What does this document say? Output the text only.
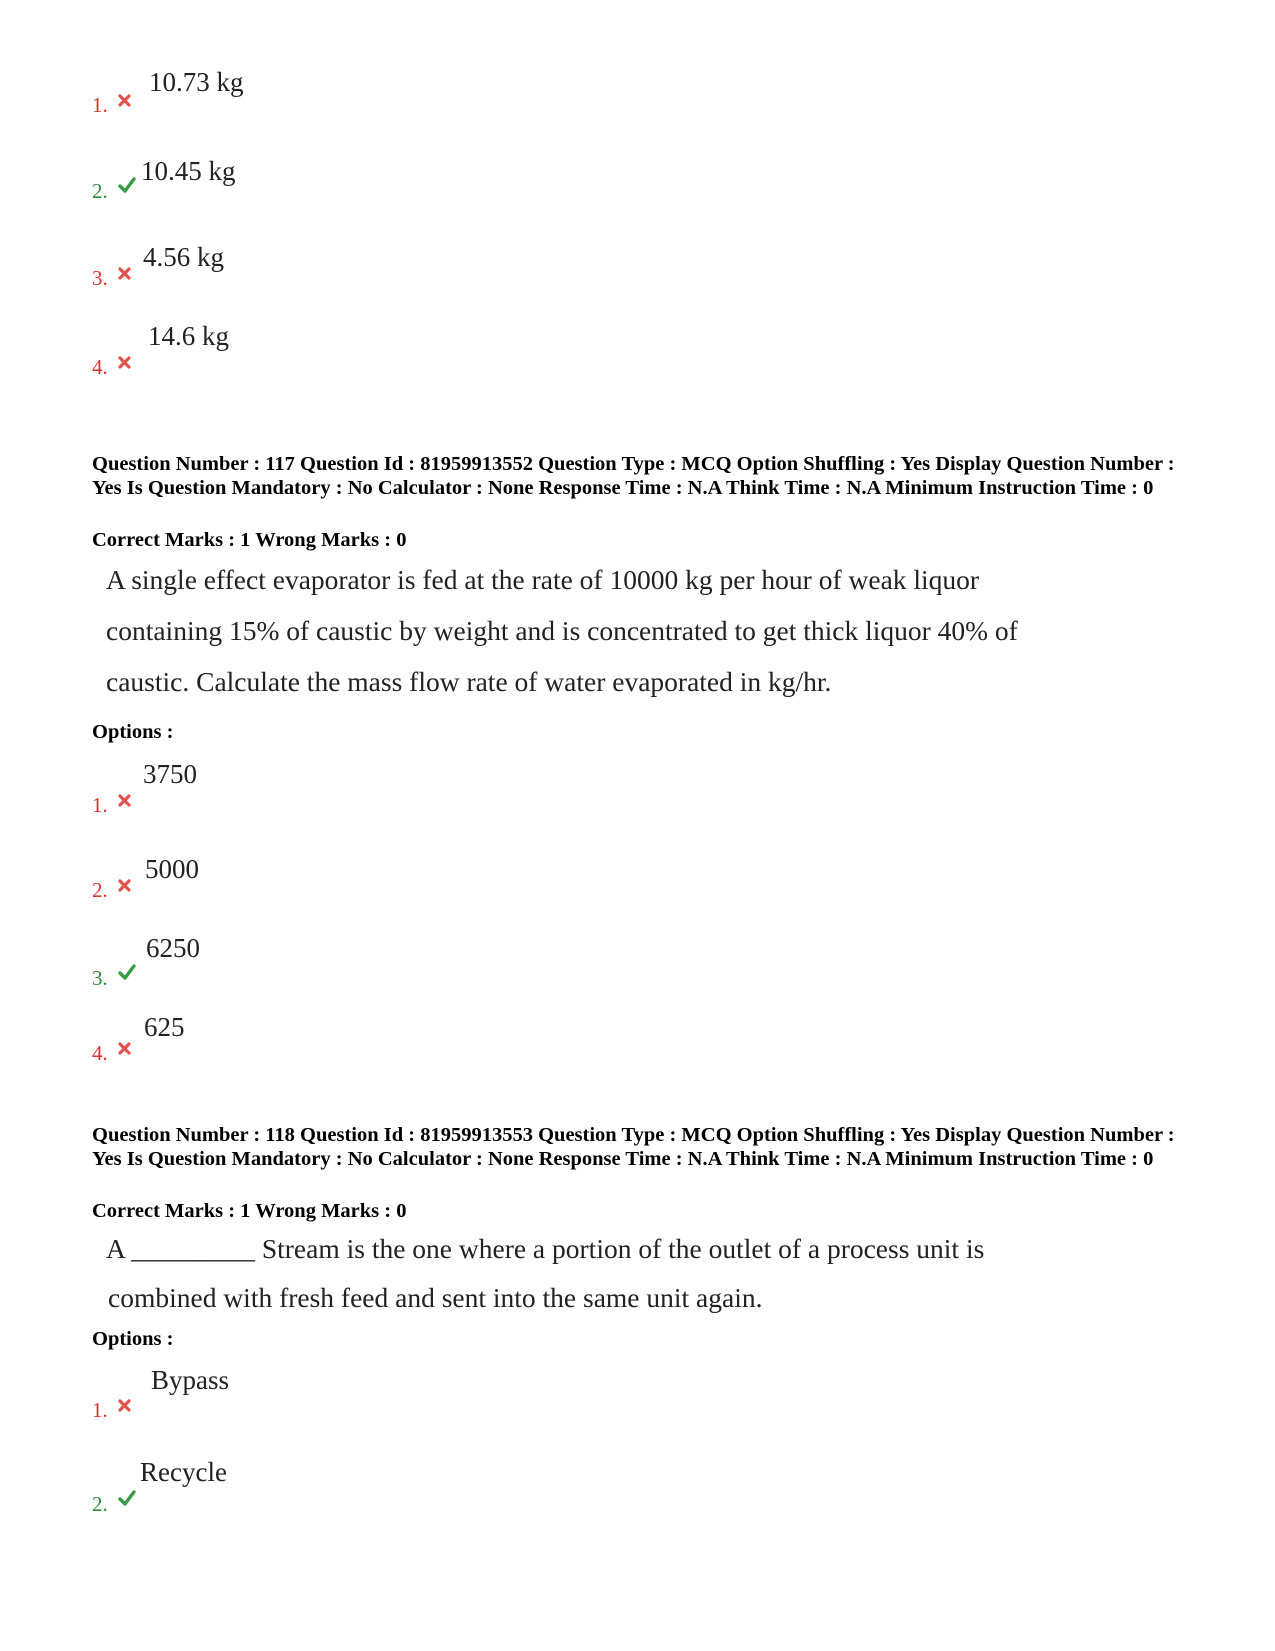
10.73 kg
1.
10.45 kg
2.
4.56 kg
3.
14.6 kg
4.
Question Number : 117 Question Id : 81959913552 Question Type : MCQ Option Shuffling : Yes Display Question Number : Yes Is Question Mandatory : No Calculator : None Response Time : N.A Think Time : N.A Minimum Instruction Time : 0
Correct Marks : 1 Wrong Marks : 0
A single effect evaporator is fed at the rate of 10000 kg per hour of weak liquor
containing 15% of caustic by weight and is concentrated to get thick liquor 40% of
caustic. Calculate the mass flow rate of water evaporated in kg/hr.
Options :
3750
1.
5000
2.
6250
3.
625
4.
Question Number : 118 Question Id : 81959913553 Question Type : MCQ Option Shuffling : Yes Display Question Number : Yes Is Question Mandatory : No Calculator : None Response Time : N.A Think Time : N.A Minimum Instruction Time : 0
Correct Marks : 1 Wrong Marks : 0
A _________ Stream is the one where a portion of the outlet of a process unit is
combined with fresh feed and sent into the same unit again.
Options :
Bypass
1.
Recycle
2.
